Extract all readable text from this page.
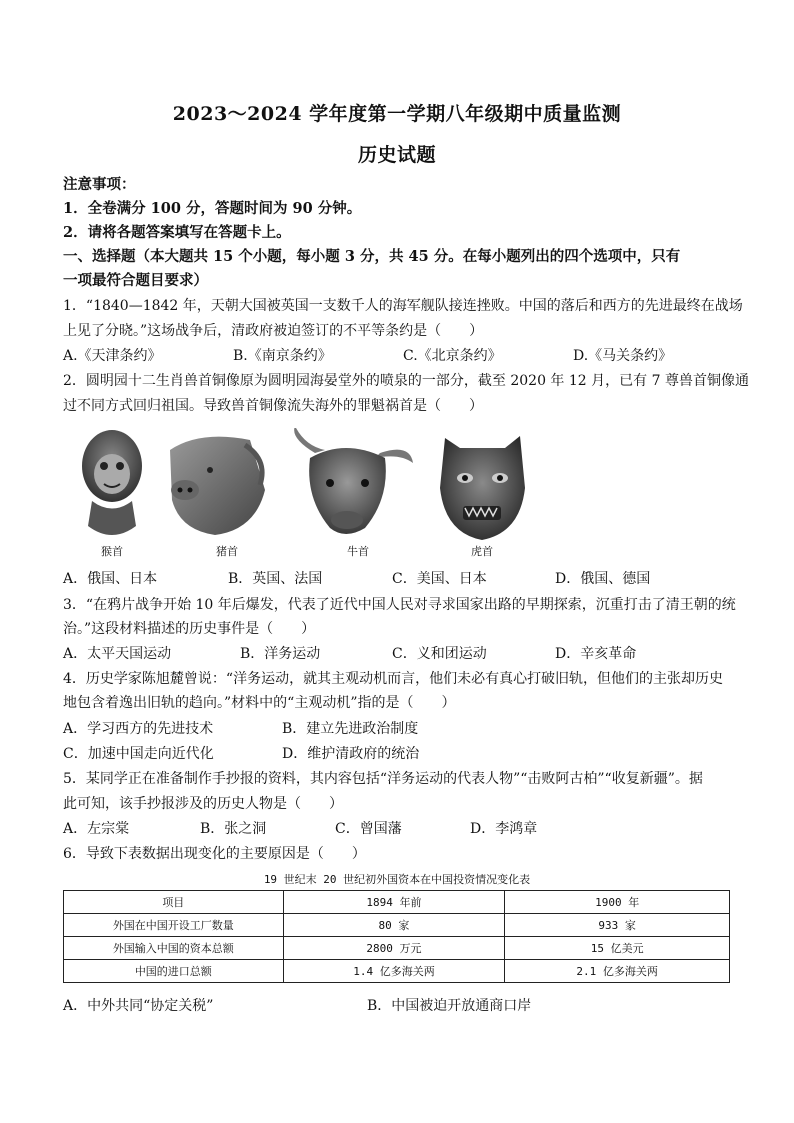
2023～2024 学年度第一学期八年级期中质量监测
历史试题
注意事项：
1．全卷满分 100 分，答题时间为 90 分钟。
2．请将各题答案填写在答题卡上。
一、选择题（本大题共 15 个小题，每小题 3 分，共 45 分。在每小题列出的四个选项中，只有
一项最符合题目要求）
1．“1840—1842 年，天朝大国被英国一支数千人的海军舰队接连挫败。中国的落后和西方的先进最终在战场
上见了分晓。”这场战争后，清政府被迫签订的不平等条约是（　　）
A.《天津条约》	B.《南京条约》	C.《北京条约》	D.《马关条约》
2．圆明园十二生肖兽首铜像原为圆明园海晏堂外的喷泉的一部分，截至 2020 年 12 月，已有 7 尊兽首铜像通
过不同方式回归祖国。导致兽首铜像流失海外的罪魁祸首是（　　）
猴首	猪首	牛首	虎首
A．俄国、日本	B．英国、法国	C．美国、日本	D．俄国、德国
3．“在鸦片战争开始 10 年后爆发，代表了近代中国人民对寻求国家出路的早期探索，沉重打击了清王朝的统
治。”这段材料描述的历史事件是（　　）
A．太平天国运动	B．洋务运动	C．义和团运动	D．辛亥革命
4．历史学家陈旭麓曾说：“洋务运动，就其主观动机而言，他们未必有真心打破旧轨，但他们的主张却历史
地包含着逸出旧轨的趋向。”材料中的“主观动机”指的是（　　）
A．学习西方的先进技术	B．建立先进政治制度
C．加速中国走向近代化	D．维护清政府的统治
5．某同学正在准备制作手抄报的资料，其内容包括“洋务运动的代表人物”“击败阿古柏”“收复新疆”。据
此可知，该手抄报涉及的历史人物是（　　）
A．左宗棠	B．张之洞	C．曾国藩	D．李鸿章
6．导致下表数据出现变化的主要原因是（　　）
19 世纪末 20 世纪初外国资本在中国投资情况变化表
项目	1894 年前	1900 年
外国在中国开设工厂数量	80 家	933 家
外国输入中国的资本总额	2800 万元	15 亿美元
中国的进口总额	1.4 亿多海关两	2.1 亿多海关两
A．中外共同“协定关税”	B．中国被迫开放通商口岸
